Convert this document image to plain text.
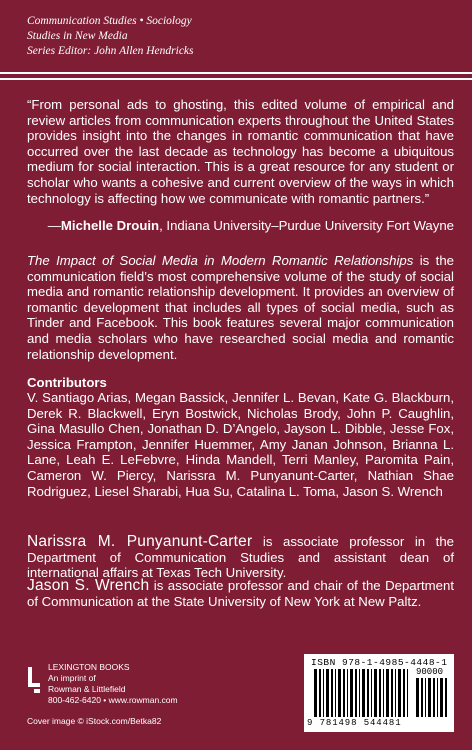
Communication Studies • Sociology
Studies in New Media
Series Editor: John Allen Hendricks
“From personal ads to ghosting, this edited volume of empirical and review articles from communication experts throughout the United States provides insight into the changes in romantic communication that have occurred over the last decade as technology has become a ubiquitous medium for social interaction. This is a great resource for any student or scholar who wants a cohesive and current overview of the ways in which technology is affecting how we communicate with romantic partners.”
—Michelle Drouin, Indiana University–Purdue University Fort Wayne
The Impact of Social Media in Modern Romantic Relationships is the communication field’s most comprehensive volume of the study of social media and romantic relationship development. It provides an overview of romantic development that includes all types of social media, such as Tinder and Facebook. This book features several major communication and media scholars who have researched social media and romantic relationship development.
Contributors
V. Santiago Arias, Megan Bassick, Jennifer L. Bevan, Kate G. Blackburn, Derek R. Blackwell, Eryn Bostwick, Nicholas Brody, John P. Caughlin, Gina Masullo Chen, Jonathan D. D’Angelo, Jayson L. Dibble, Jesse Fox, Jessica Frampton, Jennifer Huemmer, Amy Janan Johnson, Brianna L. Lane, Leah E. LeFebvre, Hinda Mandell, Terri Manley, Paromita Pain, Cameron W. Piercy, Narissra M. Punyanunt-Carter, Nathian Shae Rodriguez, Liesel Sharabi, Hua Su, Catalina L. Toma, Jason S. Wrench
Narissra M. Punyanunt-Carter is associate professor in the Department of Communication Studies and assistant dean of international affairs at Texas Tech University.
Jason S. Wrench is associate professor and chair of the Department of Communication at the State University of New York at New Paltz.
LEXINGTON BOOKS
An imprint of
Rowman & Littlefield
800-462-6420 • www.rowman.com
Cover image © iStock.com/Betka82
ISBN 978-1-4985-4448-1
90000
9 781498 544481
